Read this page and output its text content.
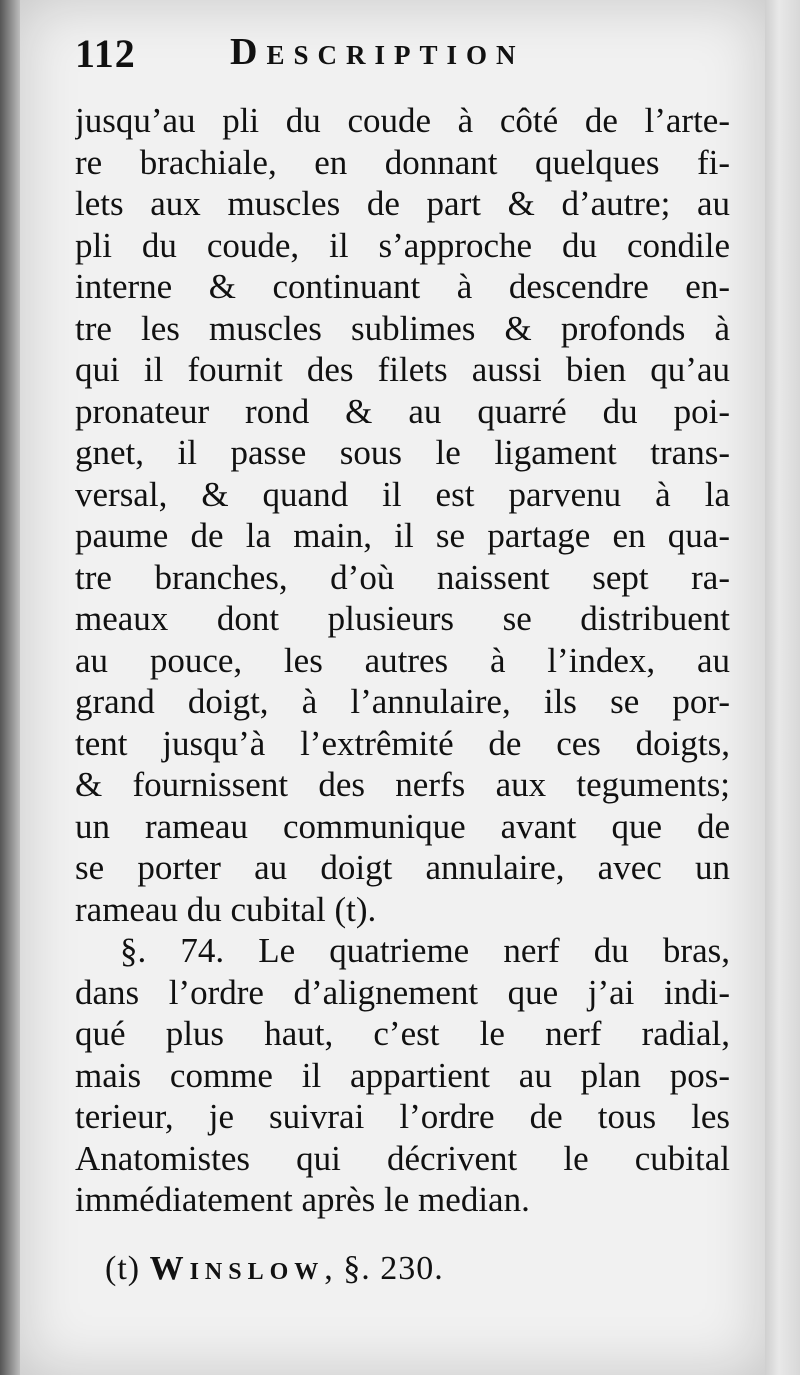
112 Description
jusqu’au pli du coude à côté de l’arte-
re brachiale, en donnant quelques fi-
lets aux muscles de part & d’autre; au
pli du coude, il s’approche du condile
interne & continuant à descendre en-
tre les muscles sublimes & profonds à
qui il fournit des filets aussi bien qu’au
pronateur rond & au quarré du poi-
gnet, il passe sous le ligament trans-
versal, & quand il est parvenu à la
paume de la main, il se partage en qua-
tre branches, d’où naissent sept ra-
meaux dont plusieurs se distribuent
au pouce, les autres à l’index, au
grand doigt, à l’annulaire, ils se por-
tent jusqu’à l’extrêmité de ces doigts,
& fournissent des nerfs aux teguments;
un rameau communique avant que de
se porter au doigt annulaire, avec un
rameau du cubital (t).
§. 74. Le quatrieme nerf du bras,
dans l’ordre d’alignement que j’ai indi-
qué plus haut, c’est le nerf radial,
mais comme il appartient au plan pos-
terieur, je suivrai l’ordre de tous les
Anatomistes qui décrivent le cubital
immédiatement après le median.
(t) Winslow, §. 230.
